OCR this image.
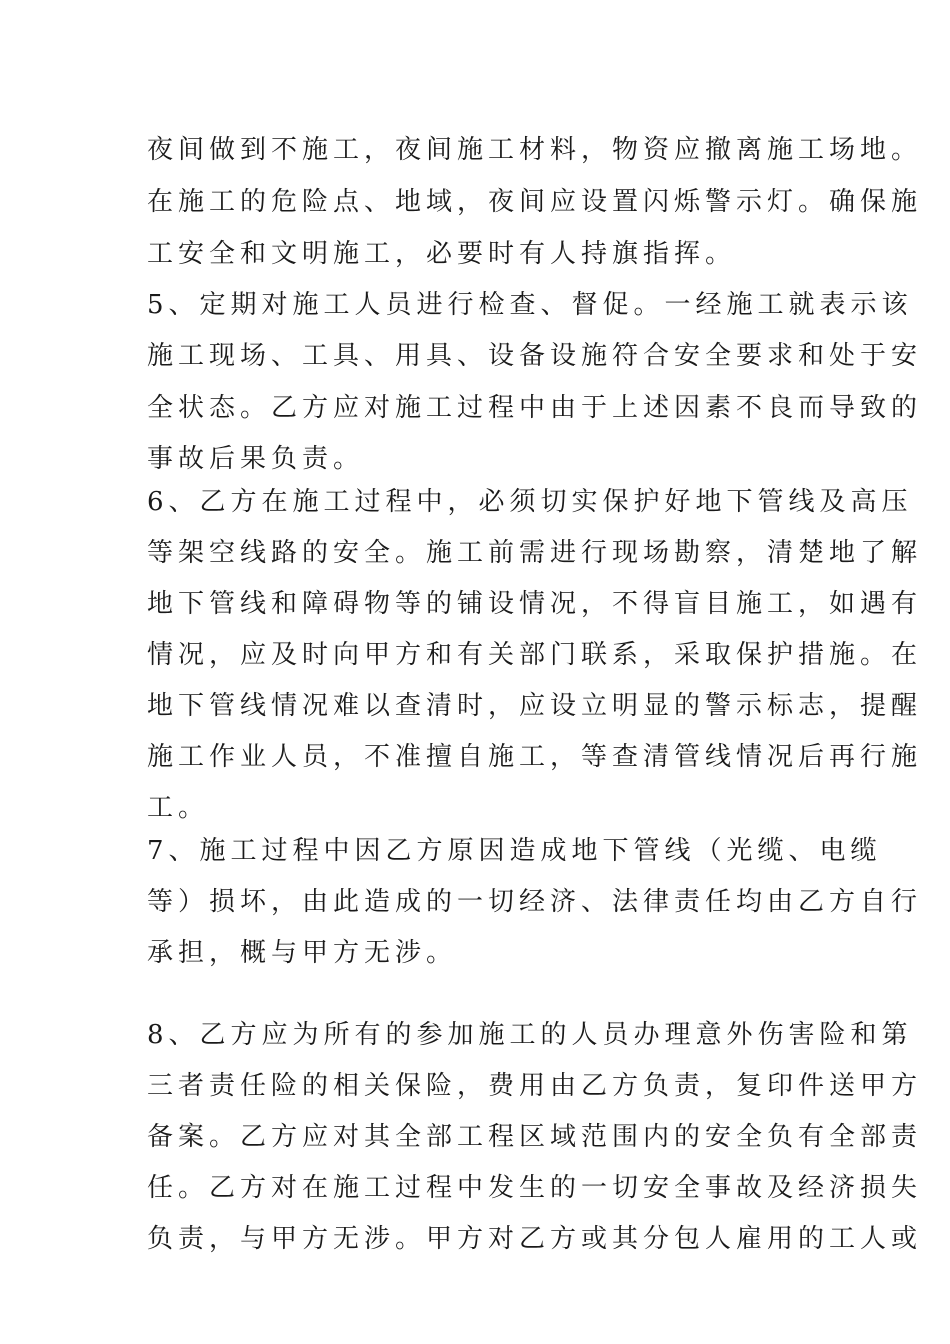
夜间做到不施工，夜间施工材料，物资应撤离施工场地。
在施工的危险点、地域，夜间应设置闪烁警示灯。确保施
工安全和文明施工，必要时有人持旗指挥。
5、定期对施工人员进行检查、督促。一经施工就表示该
施工现场、工具、用具、设备设施符合安全要求和处于安
全状态。乙方应对施工过程中由于上述因素不良而导致的
事故后果负责。
6、乙方在施工过程中，必须切实保护好地下管线及高压
等架空线路的安全。施工前需进行现场勘察，清楚地了解
地下管线和障碍物等的铺设情况，不得盲目施工，如遇有
情况，应及时向甲方和有关部门联系，采取保护措施。在
地下管线情况难以查清时，应设立明显的警示标志，提醒
施工作业人员，不准擅自施工，等查清管线情况后再行施
工。
7、施工过程中因乙方原因造成地下管线（光缆、电缆
等）损坏，由此造成的一切经济、法律责任均由乙方自行
承担，概与甲方无涉。
8、乙方应为所有的参加施工的人员办理意外伤害险和第
三者责任险的相关保险，费用由乙方负责，复印件送甲方
备案。乙方应对其全部工程区域范围内的安全负有全部责
任。乙方对在施工过程中发生的一切安全事故及经济损失
负责，与甲方无涉。甲方对乙方或其分包人雇用的工人或
